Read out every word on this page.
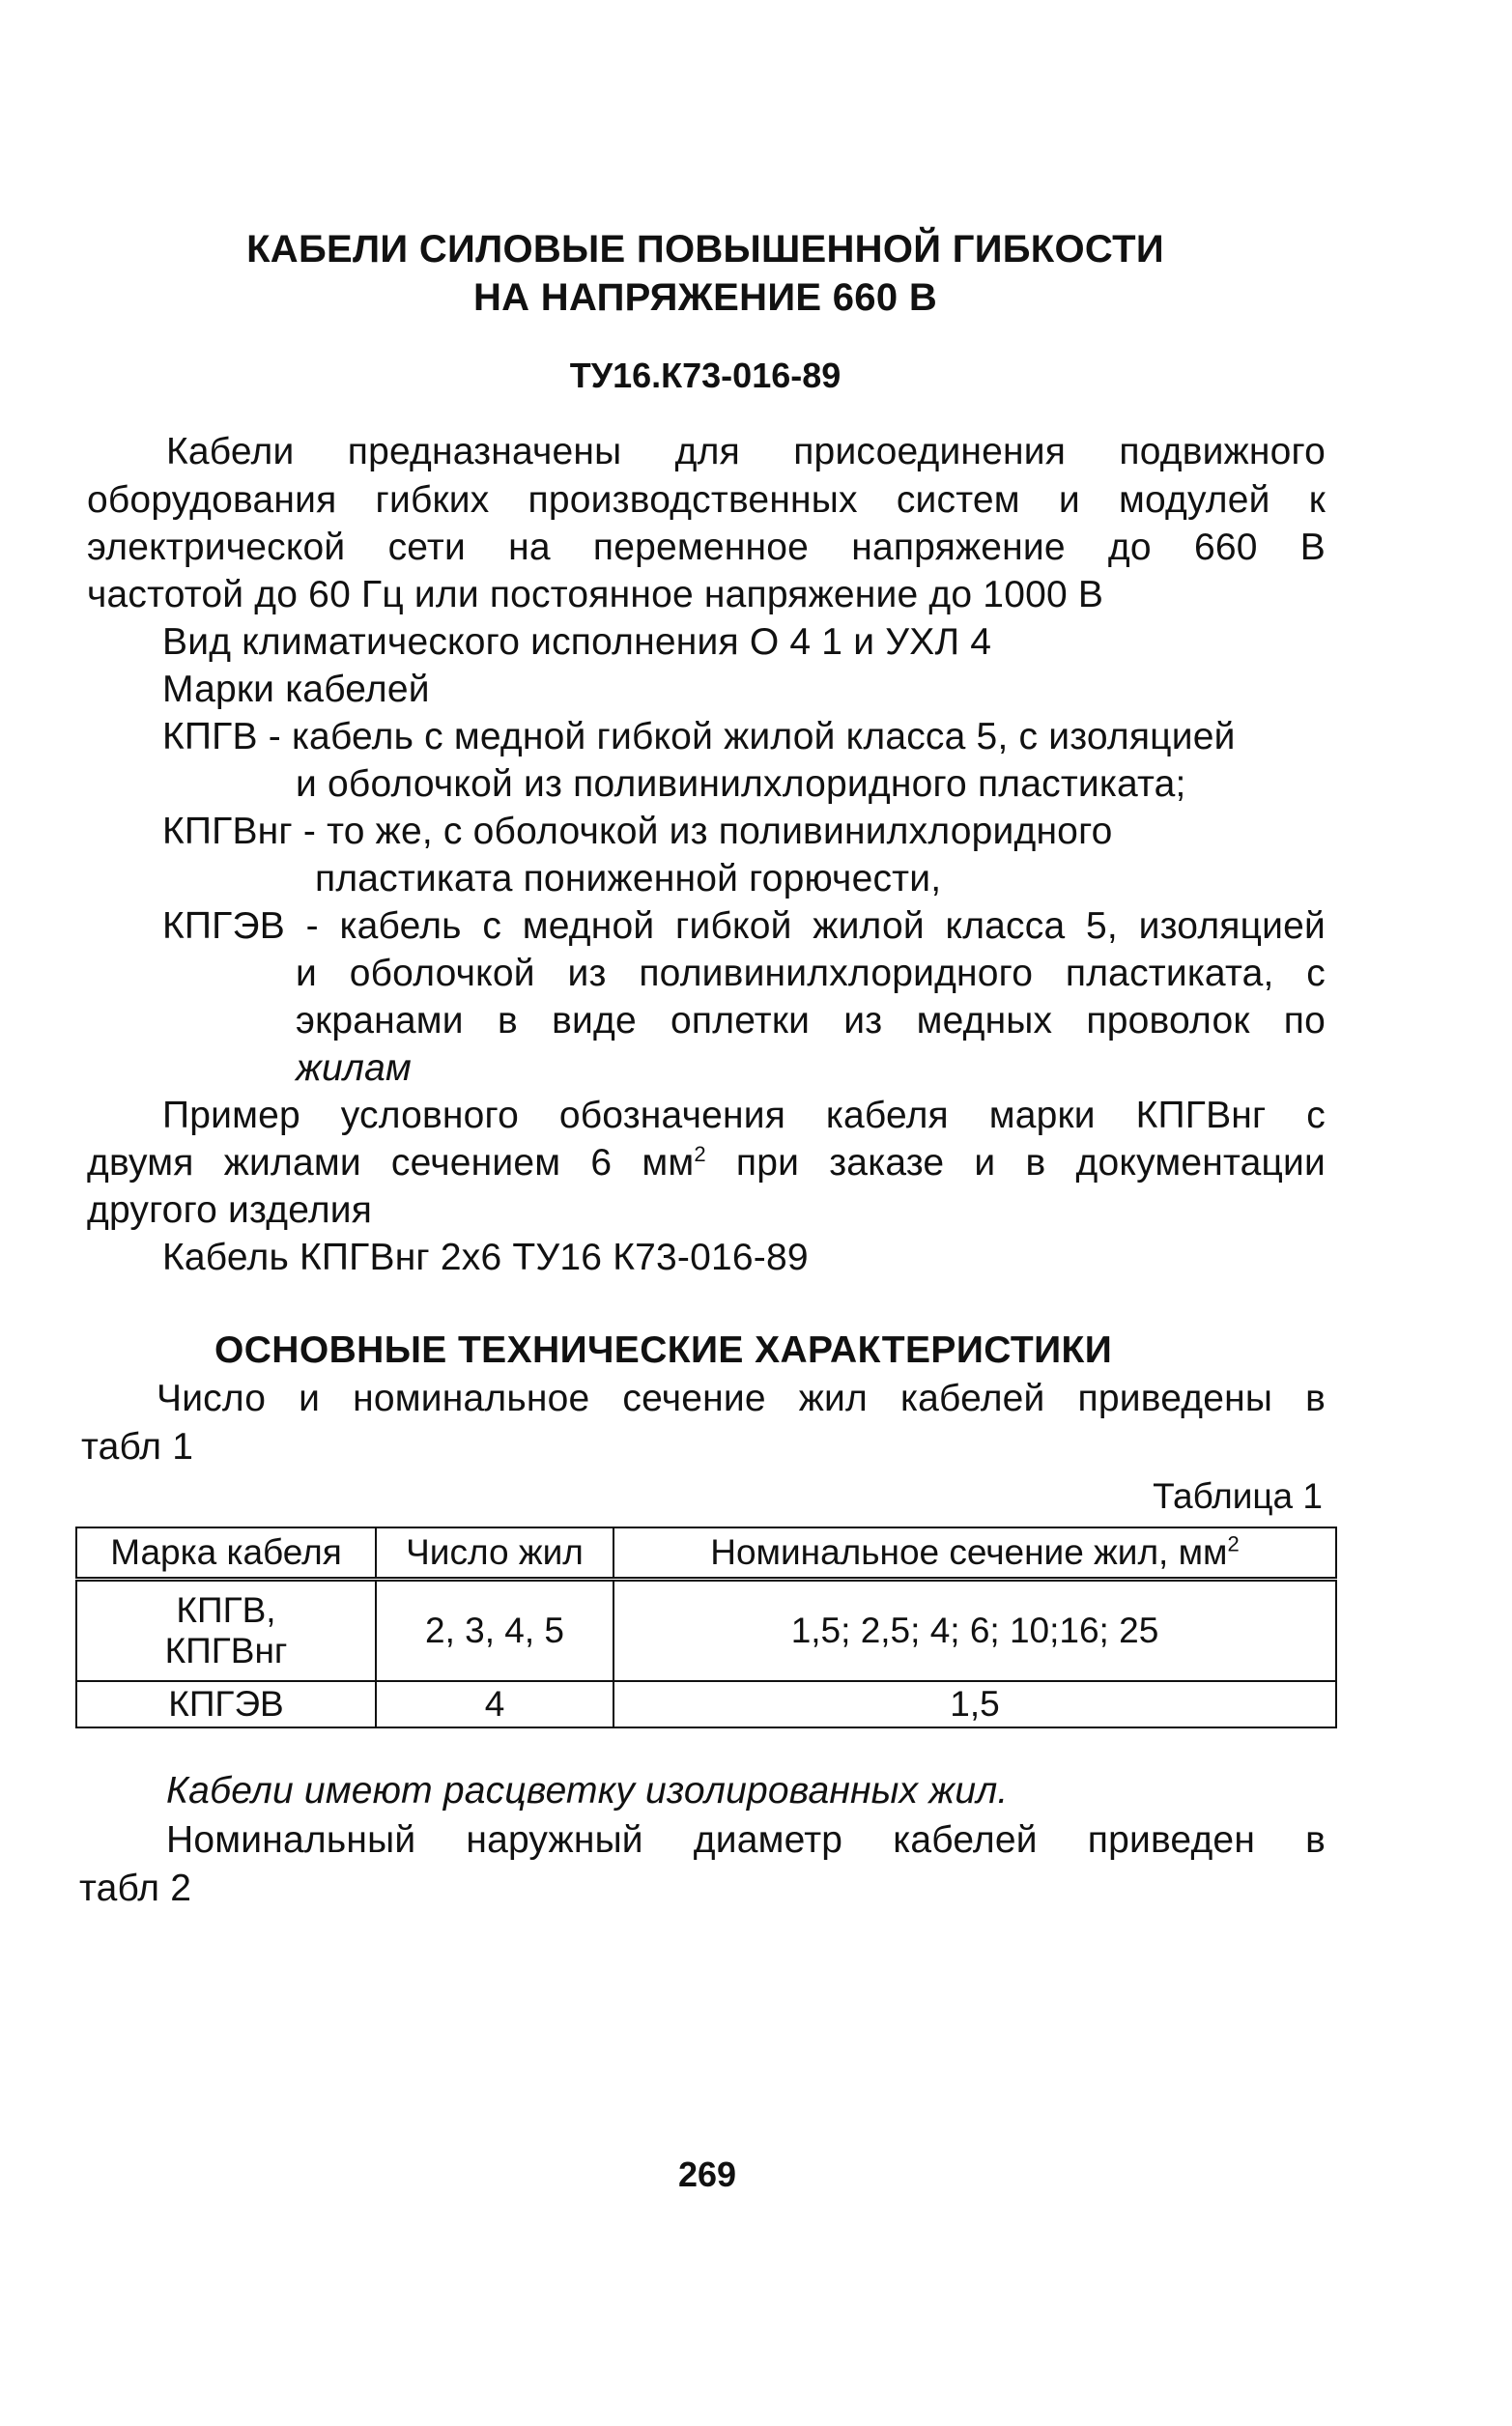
КАБЕЛИ СИЛОВЫЕ ПОВЫШЕННОЙ ГИБКОСТИ
НА НАПРЯЖЕНИЕ 660 В
ТУ16.К73-016-89
Кабели предназначены для присоединения подвижного
оборудования гибких производственных систем и модулей к
электрической сети на переменное напряжение до 660 В
частотой до 60 Гц или постоянное напряжение до 1000 В
Вид климатического исполнения О 4 1 и УХЛ 4
Марки кабелей
КПГВ - кабель с медной гибкой жилой класса 5, с изоляцией
и оболочкой из поливинилхлоридного пластиката;
КПГВнг - то же, с оболочкой из поливинилхлоридного
пластиката пониженной горючести,
КПГЭВ - кабель с медной гибкой жилой класса 5, изоляцией
и оболочкой из поливинилхлоридного пластиката, с
экранами в виде оплетки из медных проволок по
жилам
Пример условного обозначения кабеля марки КПГВнг с
двумя жилами сечением 6 $мм^2$ при заказе и в документации
другого изделия
Кабель КПГВнг 2х6 ТУ16 К73-016-89
ОСНОВНЫЕ ТЕХНИЧЕСКИЕ ХАРАКТЕРИСТИКИ
Число и номинальное сечение жил кабелей приведены в
табл 1
Таблица 1
Марка кабеля	Число жил	Номинальное сечение жил, $мм^2$

КПГВ,
КПГВнг	2, 3, 4, 5	1,5; 2,5; 4; 6; 10;16; 25
КПГЭВ	4	1,5
Кабели имеют расцветку изолированных жил.
Номинальный наружный диаметр кабелей приведен в
табл 2
269
